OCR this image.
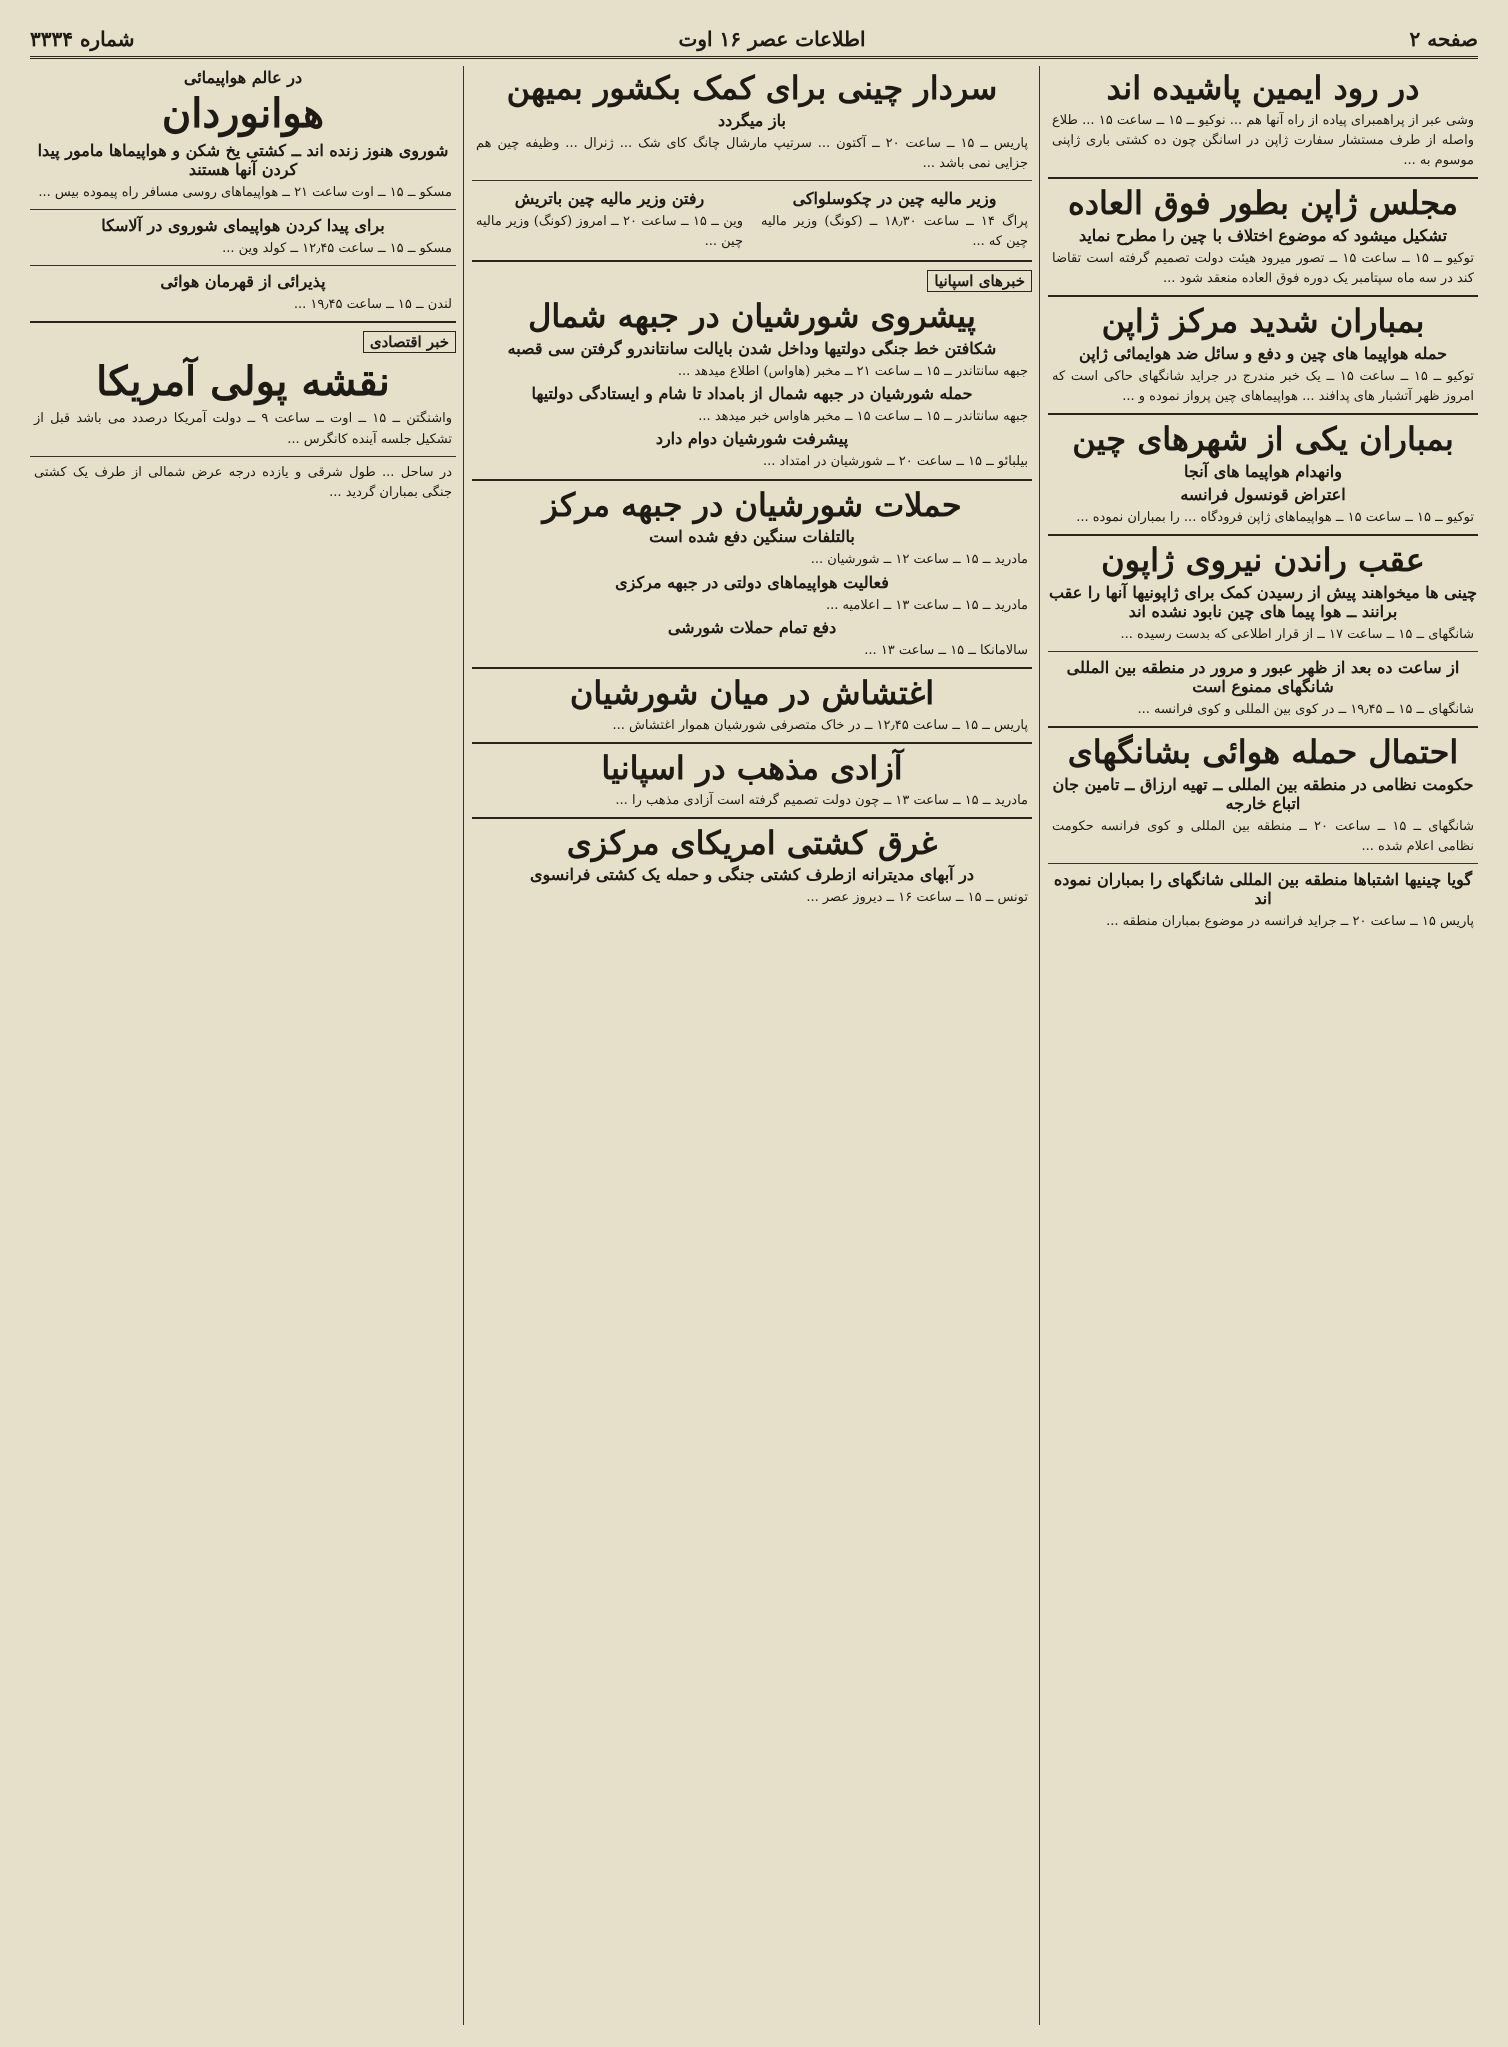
صفحه ۲
اطلاعات عصر ۱۶ اوت
شماره ۳۳۳۴
در رود ایمین پاشیده اند
وشی عبر از پراهمبرای پیاده از راه آنها هم ... نوکیو ــ ۱۵ ــ ساعت ۱۵ ... طلاع واصله از طرف مستشار سفارت ژاپن در اسانگن چون ده کشتی باری ژاپنی موسوم به ...
مجلس ژاپن بطور فوق العاده
تشکیل میشود که موضوع اختلاف با چین را مطرح نماید
توکیو ــ ۱۵ ــ ساعت ۱۵ ــ تصور میرود هیئت دولت تصمیم گرفته است تقاضا کند در سه ماه سپتامبر یک دوره فوق العاده منعقد شود ...
بمباران شدید مرکز ژاپن
حمله هواپیما های چین و دفع و سائل ضد هوایمائی ژاپن
توکیو ــ ۱۵ ــ ساعت ۱۵ ــ یک خبر مندرج در جراید شانگهای حاکی است که امروز ظهر آتشبار های پدافند ... هواپیماهای چین پرواز نموده و ...
بمباران یکی از شهرهای چین
وانهدام هواپیما های آنجا
اعتراض قونسول فرانسه
توکیو ــ ۱۵ ــ ساعت ۱۵ ــ هواپیماهای ژاپن فرودگاه ... را بمباران نموده ...
عقب راندن نیروی ژاپون
چینی ها میخواهند پیش از رسیدن کمک برای ژاپونیها آنها را عقب برانند ــ هوا پیما های چین نابود نشده اند
شانگهای ــ ۱۵ ــ ساعت ۱۷ ــ از قرار اطلاعی که بدست رسیده ...
از ساعت ده بعد از ظهر عبور و مرور در منطقه بین المللی شانگهای ممنوع است
شانگهای ــ ۱۵ ــ ۱۹٫۴۵ ــ در کوی بین المللی و کوی فرانسه ...
احتمال حمله هوائی بشانگهای
حکومت نظامی در منطقه بین المللی ــ تهیه ارزاق ــ تامین جان اتباع خارجه
شانگهای ــ ۱۵ ــ ساعت ۲۰ ــ منطقه بین المللی و کوی فرانسه حکومت نظامی اعلام شده ...
گویا چینیها اشتباها منطقه بین المللی شانگهای را بمباران نموده اند
پاریس ۱۵ ــ ساعت ۲۰ ــ جراید فرانسه در موضوع بمباران منطقه ...
سردار چینی برای کمک بکشور بمیهن
باز میگردد
پاریس ــ ۱۵ ــ ساعت ۲۰ ــ آکتون ... سرتیپ مارشال چانگ کای شک ... ژنرال ... وظیفه چین هم جزایی نمی باشد ...
وزیر مالیه چین در چکوسلواکی
پراگ ۱۴ ــ ساعت ۱۸٫۳۰ ــ (کونگ) وزیر مالیه چین که ...
رفتن وزیر مالیه چین باتریش
وین ــ ۱۵ ــ ساعت ۲۰ ــ امروز (کونگ) وزیر مالیه چین ...
خبرهای اسپانیا
پیشروی شورشیان در جبهه شمال
شکافتن خط جنگی دولتیها وداخل شدن بایالت سانتاندرو گرفتن سی قصبه
جبهه سانتاندر ــ ۱۵ ــ ساعت ۲۱ ــ مخبر (هاواس) اطلاع میدهد ...
حمله شورشیان در جبهه شمال از بامداد تا شام و ایستادگی دولتیها
جبهه سانتاندر ــ ۱۵ ــ ساعت ۱۵ ــ مخبر هاواس خبر میدهد ...
پیشرفت شورشیان دوام دارد
بیلبائو ــ ۱۵ ــ ساعت ۲۰ ــ شورشیان در امتداد ...
حملات شورشیان در جبهه مرکز
بالتلفات سنگین دفع شده است
مادرید ــ ۱۵ ــ ساعت ۱۲ ــ شورشیان ...
فعالیت هواپیماهای دولتی در جبهه مرکزی
مادرید ــ ۱۵ ــ ساعت ۱۳ ــ اعلامیه ...
دفع تمام حملات شورشی
سالامانکا ــ ۱۵ ــ ساعت ۱۳ ...
اغتشاش در میان شورشیان
پاریس ــ ۱۵ ــ ساعت ۱۲٫۴۵ ــ در خاک متصرفی شورشیان هموار اغتشاش ...
آزادی مذهب در اسپانیا
مادرید ــ ۱۵ ــ ساعت ۱۳ ــ چون دولت تصمیم گرفته است آزادی مذهب را ...
غرق کشتی امریکای مرکزی
در آبهای مدیترانه ازطرف کشتی جنگی و حمله یک کشتی فرانسوی
تونس ــ ۱۵ ــ ساعت ۱۶ ــ دیروز عصر ...
در عالم هواپیمائی
هوانوردان
شوروی هنوز زنده اند ــ کشتی یخ شکن و هواپیماها مامور پیدا کردن آنها هستند
مسکو ــ ۱۵ ــ اوت ساعت ۲۱ ــ هواپیماهای روسی مسافر راه پیموده بیس ...
برای پیدا کردن هواپیمای شوروی در آلاسکا
مسکو ــ ۱۵ ــ ساعت ۱۲٫۴۵ ــ کولد وین ...
پذیرائی از قهرمان هوائی
لندن ــ ۱۵ ــ ساعت ۱۹٫۴۵ ...
خبر اقتصادی
نقشه پولی آمریکا
واشنگتن ــ ۱۵ ــ اوت ــ ساعت ۹ ــ دولت آمریکا درصدد می باشد قبل از تشکیل جلسه آینده کانگرس ...
در ساحل ... طول شرقی و یازده درجه عرض شمالی از طرف یک کشتی جنگی بمباران گردید ...
